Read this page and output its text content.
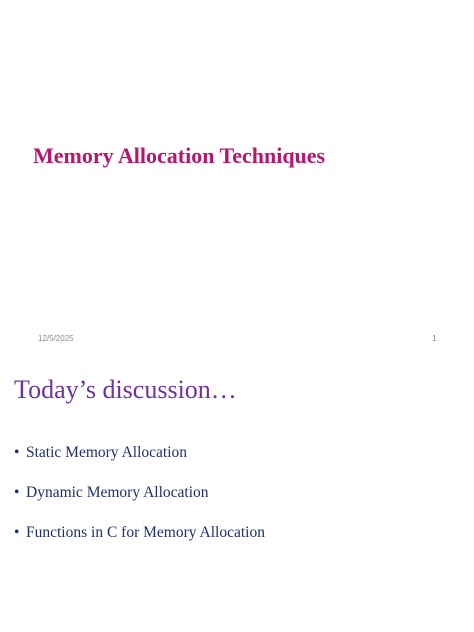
Memory Allocation Techniques
12/5/2025	1
Today’s discussion…
• Static Memory Allocation
• Dynamic Memory Allocation
• Functions in C for Memory Allocation
